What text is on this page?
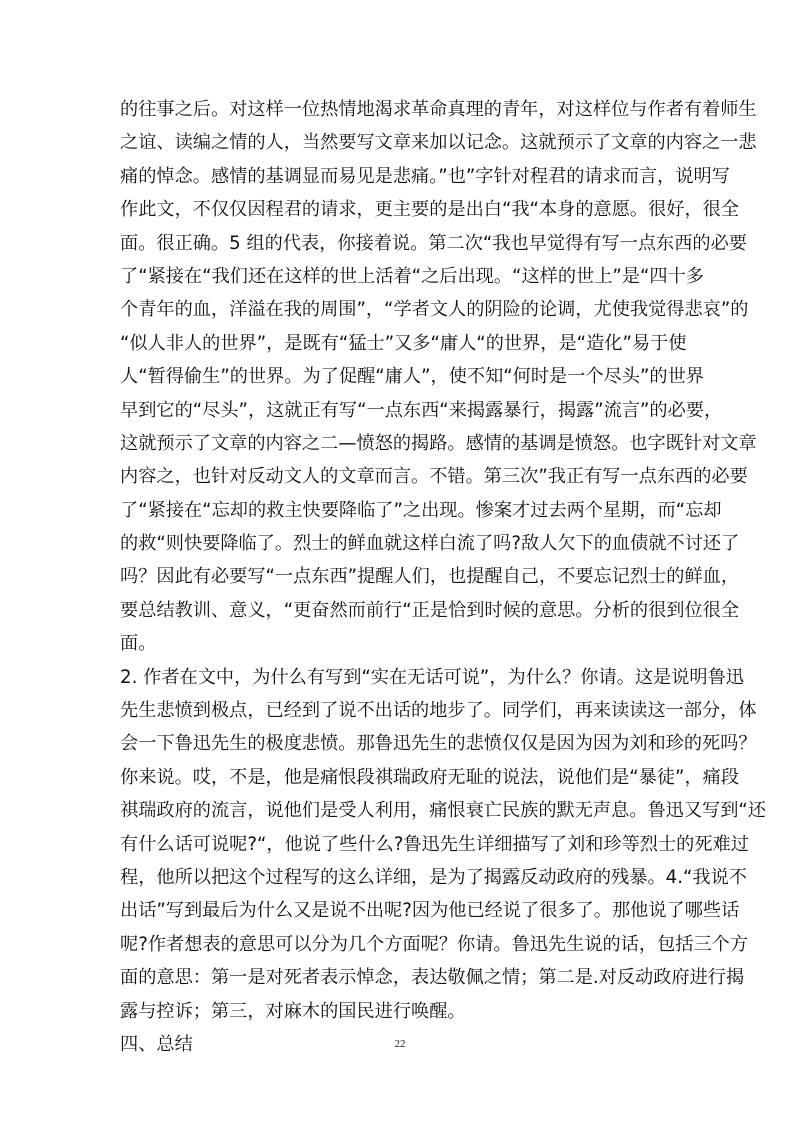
的往事之后。对这样一位热情地渴求革命真理的青年，对这样位与作者有着师生
之谊、读编之情的人，当然要写文章来加以记念。这就预示了文章的内容之一悲
痛的悼念。感情的基调显而易见是悲痛。”也”字针对程君的请求而言，说明写
作此文，不仅仅因程君的请求，更主要的是出白“我“本身的意愿。很好，很全
面。很正确。5 组的代表，你接着说。第二次“我也早觉得有写一点东西的必要
了“紧接在“我们还在这样的世上活着“之后出现。“这样的世上”是“四十多
个青年的血，洋溢在我的周围”，“学者文人的阴险的论调，尤使我觉得悲哀”的
“似人非人的世界”，是既有“猛士”又多“庸人“的世界，是“造化”易于使
人“暂得偷生”的世界。为了促醒“庸人”，使不知“何时是一个尽头”的世界
早到它的“尽头”，这就正有写“一点东西“来揭露暴行，揭露”流言”的必要，
这就预示了文章的内容之二—愤怒的揭路。感情的基调是愤怒。也字既针对文章
内容之，也针对反动文人的文章而言。不错。第三次”我正有写一点东西的必要
了“紧接在“忘却的救主快要降临了”之出现。惨案才过去两个星期，而“忘却
的救“则快要降临了。烈士的鲜血就这样白流了吗?敌人欠下的血债就不讨还了
吗？因此有必要写“一点东西”提醒人们，也提醒自己，不要忘记烈士的鲜血，
要总结教训、意义，“更奋然而前行“正是恰到时候的意思。分析的很到位很全
面。
2. 作者在文中，为什么有写到“实在无话可说”，为什么？你请。这是说明鲁迅
先生悲愤到极点，已经到了说不出话的地步了。同学们，再来读读这一部分，体
会一下鲁迅先生的极度悲愤。那鲁迅先生的悲愤仅仅是因为因为刘和珍的死吗？
你来说。哎，不是，他是痛恨段祺瑞政府无耻的说法，说他们是“暴徒”，痛段
祺瑞政府的流言，说他们是受人利用，痛恨衰亡民族的默无声息。鲁迅又写到“还
有什么话可说呢?“，他说了些什么?鲁迅先生详细描写了刘和珍等烈士的死难过
程，他所以把这个过程写的这么详细，是为了揭露反动政府的残暴。4.“我说不
出话”写到最后为什么又是说不出呢?因为他已经说了很多了。那他说了哪些话
呢?作者想表的意思可以分为几个方面呢？你请。鲁迅先生说的话，包括三个方
面的意思：第一是对死者表示悼念，表达敬佩之情；第二是.对反动政府进行揭
露与控诉；第三，对麻木的国民进行唤醒。
四、总结	22
